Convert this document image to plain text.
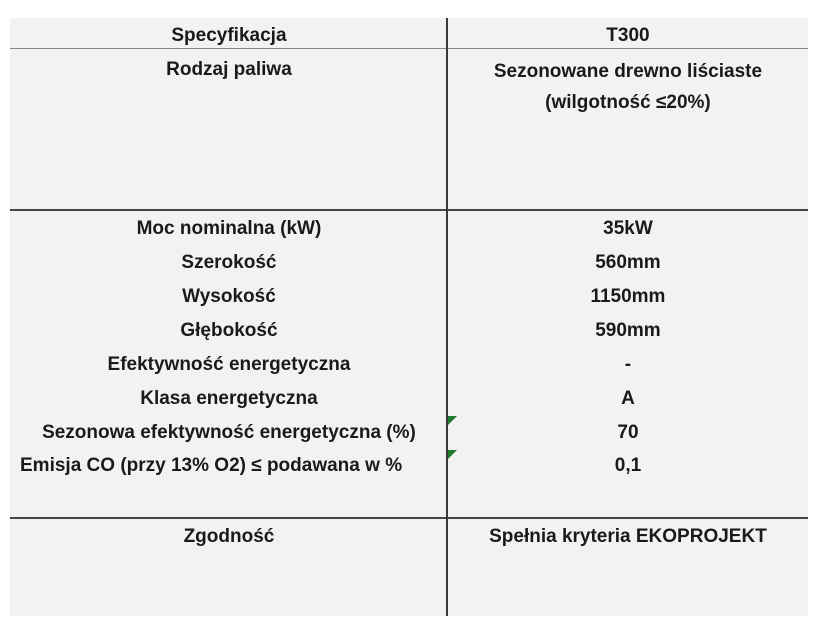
Specyfikacja	T300
Rodzaj paliwa	Sezonowane drewno liściaste
(wilgotność ≤20%)
Moc nominalna (kW)	35kW
Szerokość	560mm
Wysokość	1150mm
Głębokość	590mm
Efektywność energetyczna	-
Klasa energetyczna	A
Sezonowa efektywność energetyczna (%)	70
Emisja CO (przy 13% O2) ≤ podawana w %	0,1
Zgodność	Spełnia kryteria EKOPROJEKT
